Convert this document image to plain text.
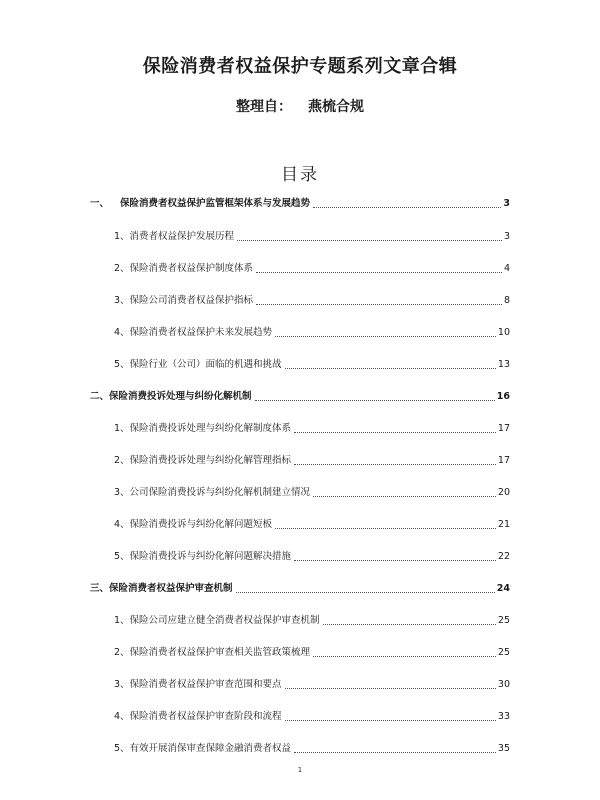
保险消费者权益保护专题系列文章合辑
整理自： 燕梳合规
目录
一、 保险消费者权益保护监管框架体系与发展趋势	3
1、消费者权益保护发展历程	3
2、保险消费者权益保护制度体系	4
3、保险公司消费者权益保护指标	8
4、保险消费者权益保护未来发展趋势	10
5、保险行业（公司）面临的机遇和挑战	13
二、保险消费投诉处理与纠纷化解机制	16
1、保险消费投诉处理与纠纷化解制度体系	17
2、保险消费投诉处理与纠纷化解管理指标	17
3、公司保险消费投诉与纠纷化解机制建立情况	20
4、保险消费投诉与纠纷化解问题短板	21
5、保险消费投诉与纠纷化解问题解决措施	22
三、保险消费者权益保护审查机制	24
1、保险公司应建立健全消费者权益保护审查机制	25
2、保险消费者权益保护审查相关监管政策梳理	25
3、保险消费者权益保护审查范围和要点	30
4、保险消费者权益保护审查阶段和流程	33
5、有效开展消保审查保障金融消费者权益	35
1
